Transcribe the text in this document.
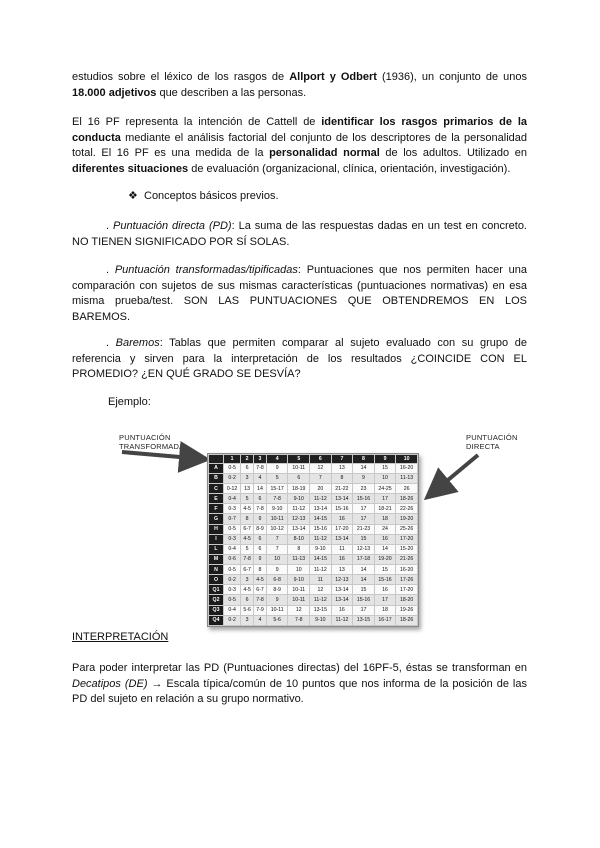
estudios sobre el léxico de los rasgos de Allport y Odbert (1936), un conjunto de unos 18.000 adjetivos que describen a las personas.
El 16 PF representa la intención de Cattell de identificar los rasgos primarios de la conducta mediante el análisis factorial del conjunto de los descriptores de la personalidad total. El 16 PF es una medida de la personalidad normal de los adultos. Utilizado en diferentes situaciones de evaluación (organizacional, clínica, orientación, investigación).
❖ Conceptos básicos previos.
. Puntuación directa (PD): La suma de las respuestas dadas en un test en concreto. NO TIENEN SIGNIFICADO POR SÍ SOLAS.
. Puntuación transformadas/tipificadas: Puntuaciones que nos permiten hacer una comparación con sujetos de sus mismas características (puntuaciones normativas) en esa misma prueba/test. SON LAS PUNTUACIONES QUE OBTENDREMOS EN LOS BAREMOS.
. Baremos: Tablas que permiten comparar al sujeto evaluado con su grupo de referencia y sirven para la interpretación de los resultados ¿COINCIDE CON EL PROMEDIO? ¿EN QUÉ GRADO SE DESVÍA?
Ejemplo:
PUNTUACIÓN TRANSFORMADA
PUNTUACIÓN DIRECTA
	1	2	3	4	5	6	7	8	9	10
A	0-5	6	7-8	9	10-11	12	13	14	15	16-20
B	0-2	3	4	5	6	7	8	9	10	11-13
C	0-12	13	14	15-17	18-19	20	21-22	23	24-25	26
E	0-4	5	6	7-8	9-10	11-12	13-14	15-16	17	18-26
F	0-3	4-5	7-8	9-10	11-12	13-14	15-16	17	18-21	22-26
G	0-7	8	9	10-11	12-13	14-15	16	17	18	19-20
H	0-5	6-7	8-9	10-12	13-14	15-16	17-20	21-23	24	25-26
I	0-3	4-5	6	7	8-10	11-12	13-14	15	16	17-20
L	0-4	5	6	7	8	9-10	11	12-13	14	15-20
M	0-6	7-8	9	10	11-13	14-15	16	17-18	19-20	21-26
N	0-5	6-7	8	9	10	11-12	13	14	15	16-20
O	0-2	3	4-5	6-8	9-10	11	12-13	14	15-16	17-26
Q1	0-3	4-5	6-7	8-9	10-11	12	13-14	15	16	17-20
Q2	0-5	6	7-8	9	10-11	11-12	13-14	15-16	17	18-20
Q3	0-4	5-6	7-9	10-11	12	13-15	16	17	18	19-26
Q4	0-2	3	4	5-6	7-8	9-10	11-12	13-15	16-17	18-26
INTERPRETACIÓN
Para poder interpretar las PD (Puntuaciones directas) del 16PF-5, éstas se transforman en Decatipos (DE) → Escala típica/común de 10 puntos que nos informa de la posición de las PD del sujeto en relación a su grupo normativo.
